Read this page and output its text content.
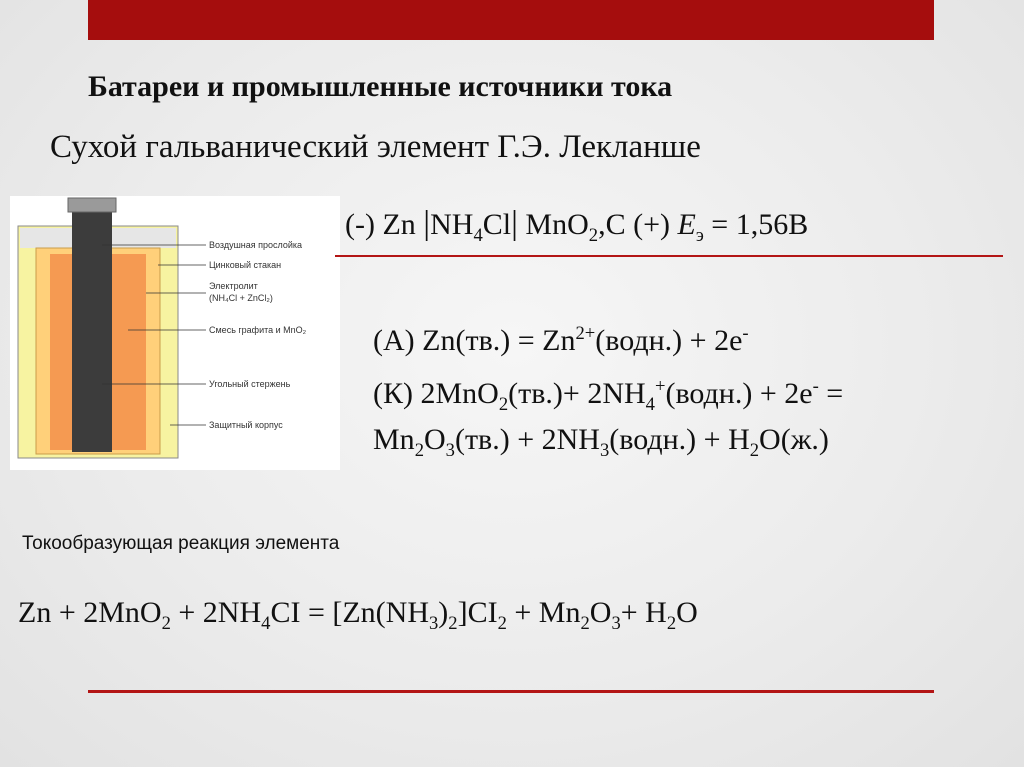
Батареи и промышленные источники тока
Сухой гальванический элемент Г.Э. Лекланше
Воздушная прослойка
Цинковый стакан
Электролит
(NH₄Cl + ZnCl₂)
Смесь графита и MnO₂
Угольный стержень
Защитный корпус
(-) Zn $|NH_4Cl|$ MnO$_2$,C (+) $E_э = 1,56В$
(А) $Zn(тв.) = Zn^{2+}(водн.) + 2e^-$
(К) $2MnO_2(тв.)+ 2NH_4^+(водн.) + 2e^-$ =
$Mn_2O_3(тв.)$ + $2NH_3(водн.) + H_2O(ж.)$
Токообразующая реакция элемента
$Zn + 2MnO_2 + 2NH_4CI = [Zn(NH_3)_2]CI_2 + Mn_2O_3+ H_2O$
